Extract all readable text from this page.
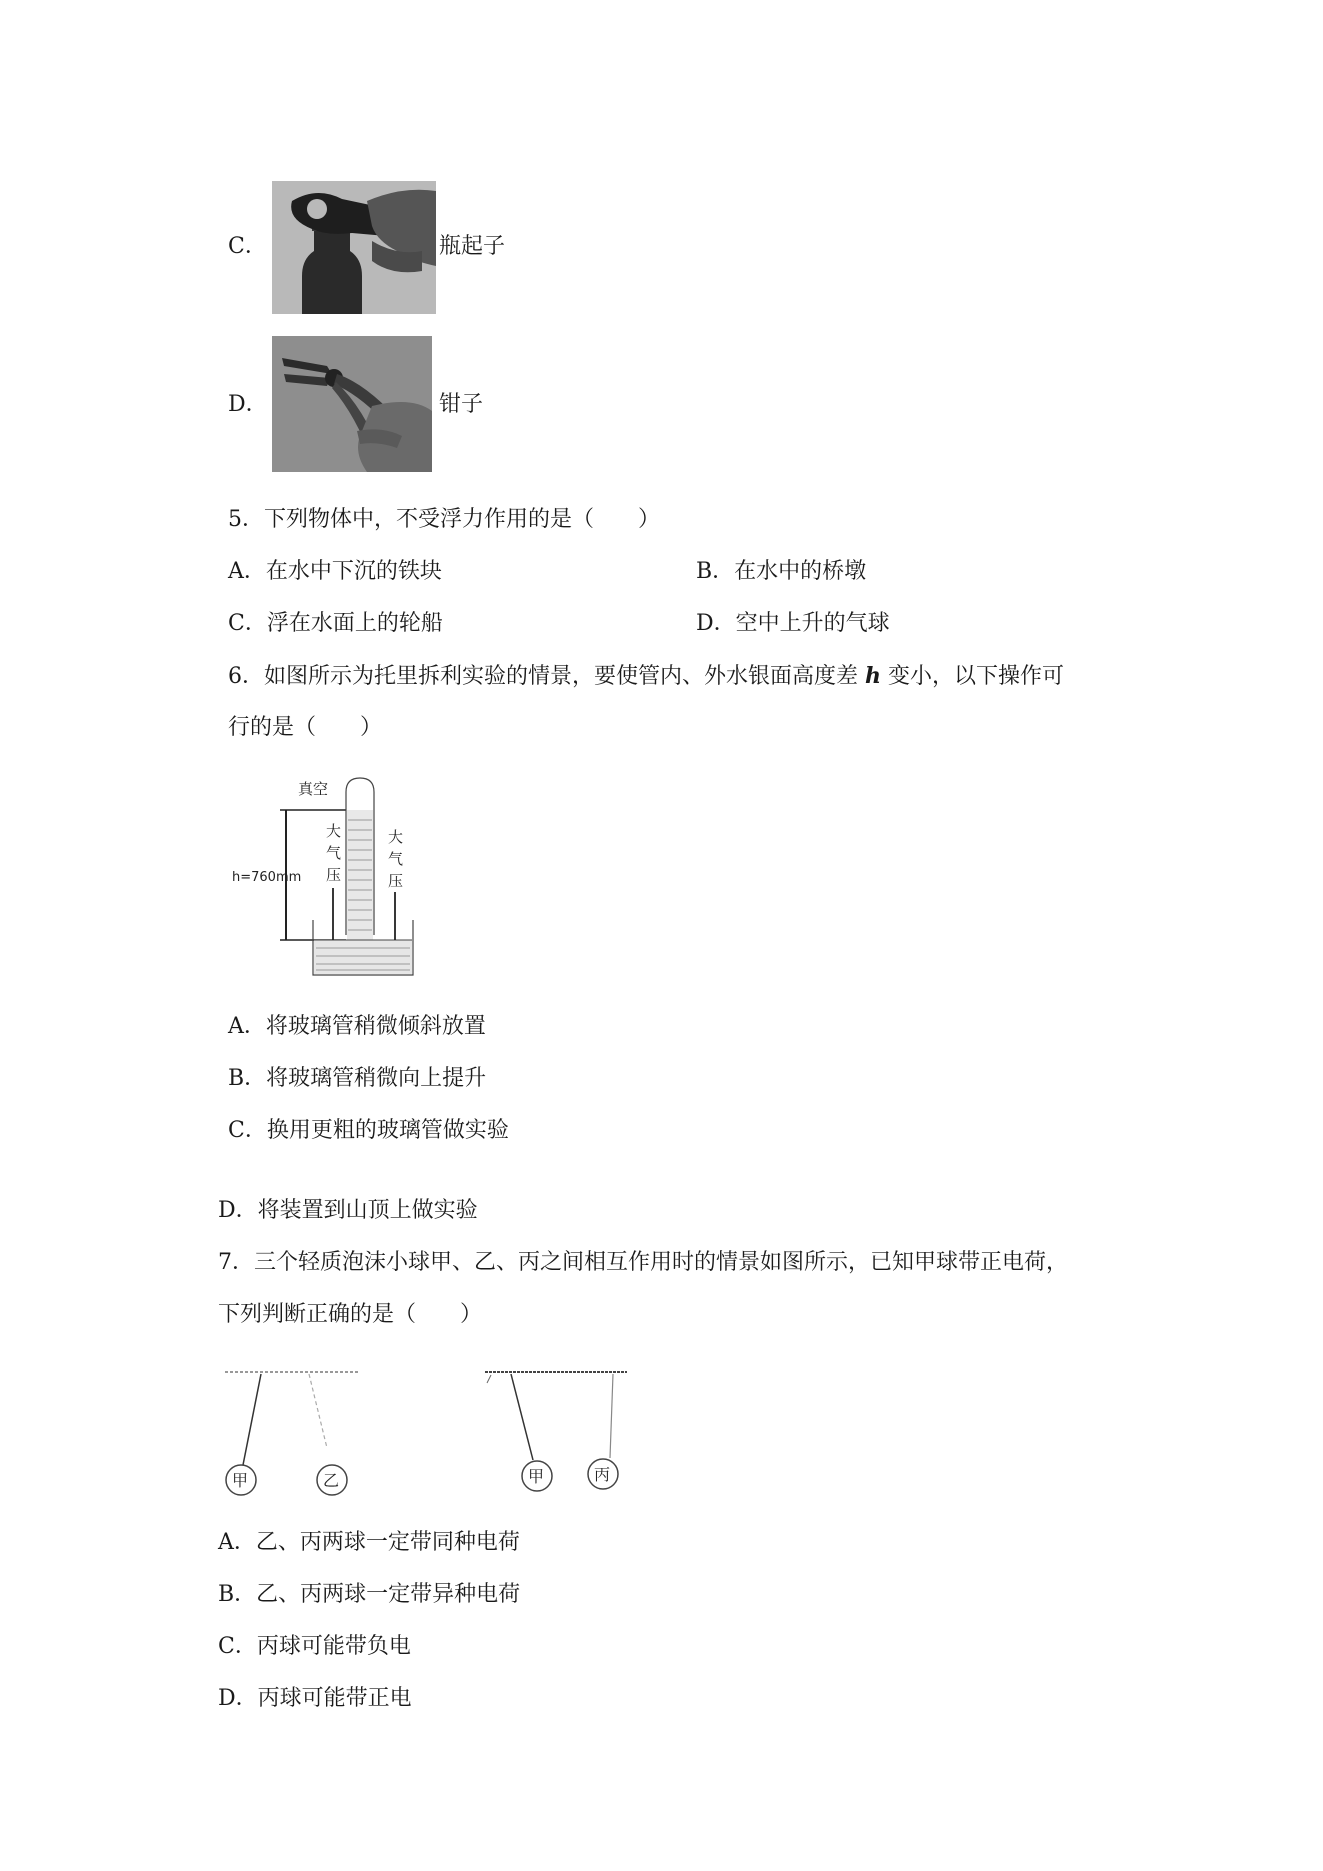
C．	瓶起子
D．	钳子
5．下列物体中，不受浮力作用的是（　　）
A．在水中下沉的铁块	B．在水中的桥墩
C．浮在水面上的轮船	D．空中上升的气球
6．如图所示为托里拆利实验的情景，要使管内、外水银面高度差 h 变小，以下操作可
行的是（　　）
真空
h=760mm
大
气
压
大
气
压
A．将玻璃管稍微倾斜放置
B．将玻璃管稍微向上提升
C．换用更粗的玻璃管做实验
D．将装置到山顶上做实验
7．三个轻质泡沫小球甲、乙、丙之间相互作用时的情景如图所示，已知甲球带正电荷，
下列判断正确的是（　　）
甲	乙	甲	丙
A．乙、丙两球一定带同种电荷
B．乙、丙两球一定带异种电荷
C．丙球可能带负电
D．丙球可能带正电
